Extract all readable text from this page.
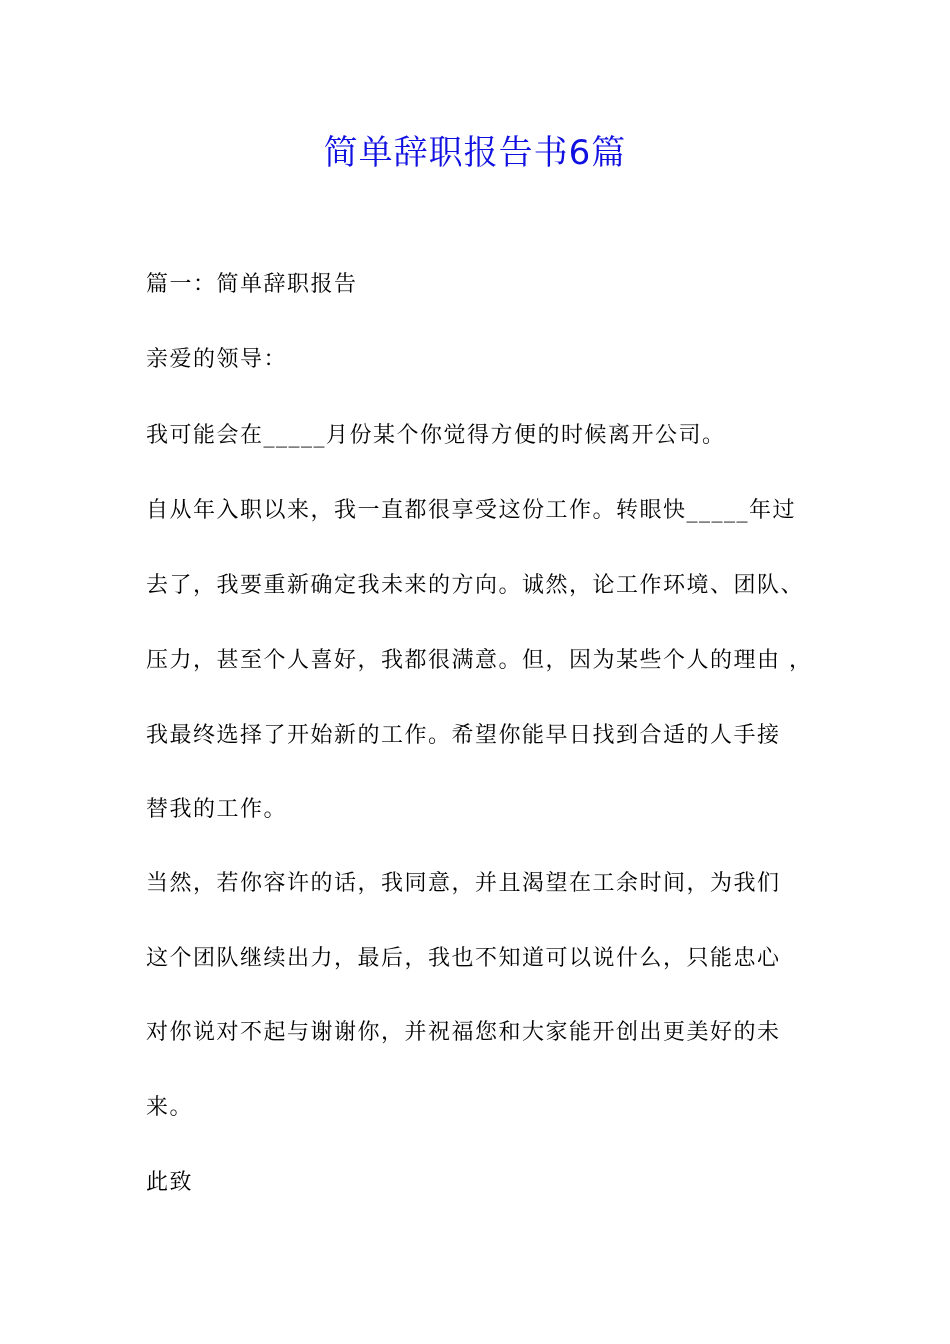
简单辞职报告书6篇
篇一：简单辞职报告
亲爱的领导：
我可能会在_____月份某个你觉得方便的时候离开公司。
自从年入职以来，我一直都很享受这份工作。转眼快_____年过
去了，我要重新确定我未来的方向。诚然，论工作环境、团队、
压力，甚至个人喜好，我都很满意。但，因为某些个人的理由 ，
我最终选择了开始新的工作。希望你能早日找到合适的人手接
替我的工作。
当然，若你容许的话，我同意，并且渴望在工余时间，为我们
这个团队继续出力，最后，我也不知道可以说什么，只能忠心
对你说对不起与谢谢你，并祝福您和大家能开创出更美好的未
来。
此致
